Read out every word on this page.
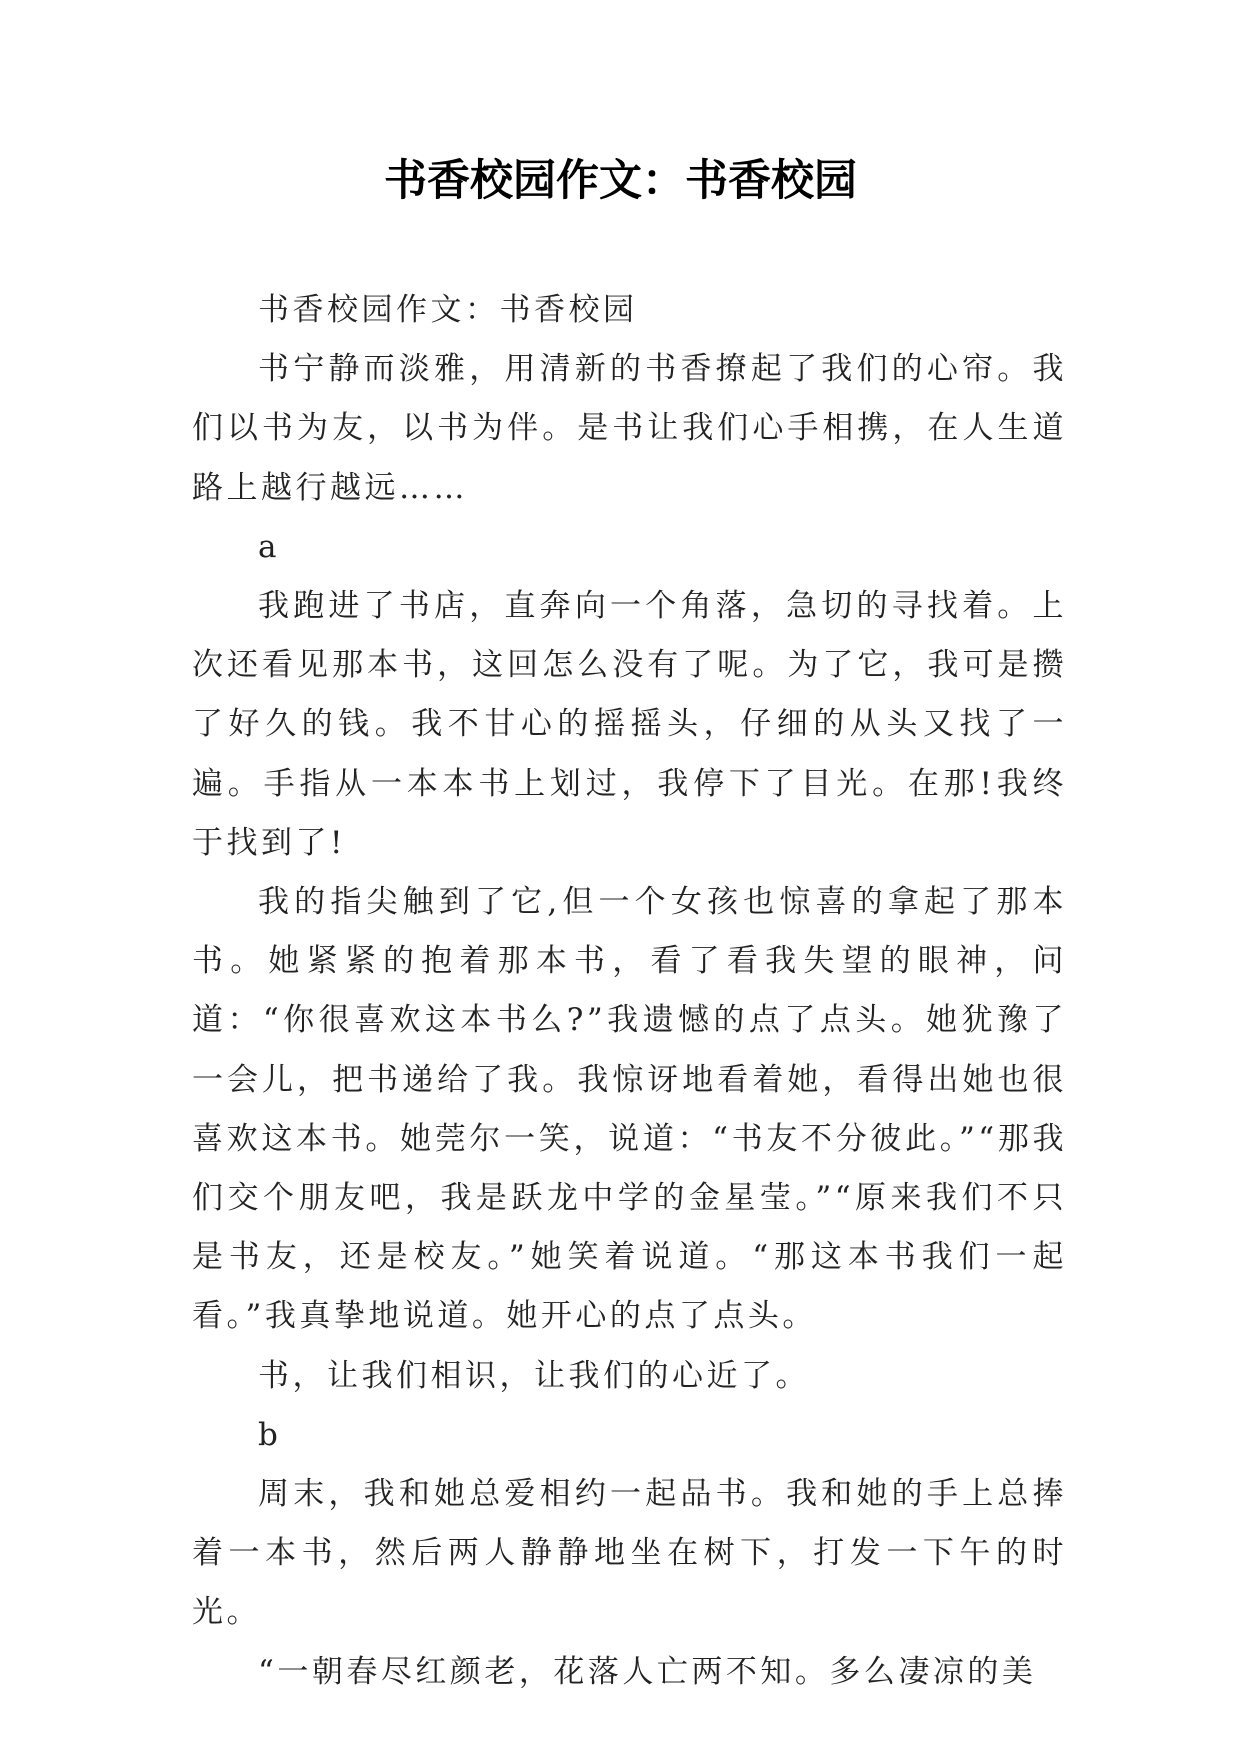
书香校园作文：书香校园

书香校园作文：书香校园

书宁静而淡雅，用清新的书香撩起了我们的心帘。我们以书为友，以书为伴。是书让我们心手相携，在人生道路上越行越远……

a

我跑进了书店，直奔向一个角落，急切的寻找着。上次还看见那本书，这回怎么没有了呢。为了它，我可是攒了好久的钱。我不甘心的摇摇头，仔细的从头又找了一遍。手指从一本本书上划过，我停下了目光。在那!我终于找到了!

我的指尖触到了它,但一个女孩也惊喜的拿起了那本书。她紧紧的抱着那本书，看了看我失望的眼神，问道：“你很喜欢这本书么?”我遗憾的点了点头。她犹豫了一会儿，把书递给了我。我惊讶地看着她，看得出她也很喜欢这本书。她莞尔一笑，说道：“书友不分彼此。”“那我们交个朋友吧，我是跃龙中学的金星莹。”“原来我们不只是书友，还是校友。”她笑着说道。“那这本书我们一起看。”我真挚地说道。她开心的点了点头。

书，让我们相识，让我们的心近了。

b

周末，我和她总爱相约一起品书。我和她的手上总捧着一本书，然后两人静静地坐在树下，打发一下午的时光。

“一朝春尽红颜老，花落人亡两不知。多么凄凉的美
